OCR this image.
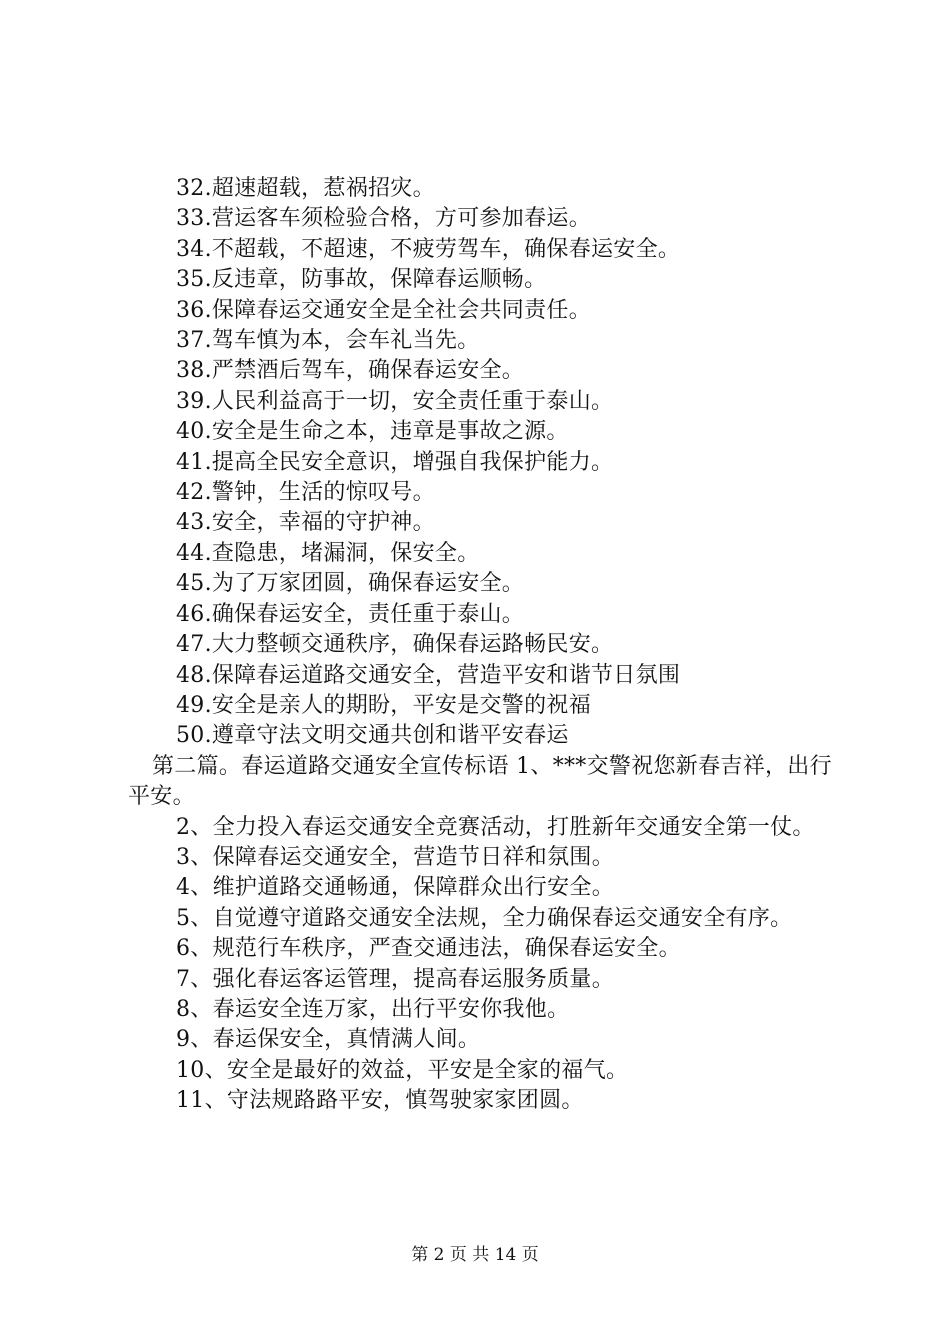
32.超速超载，惹祸招灾。
33.营运客车须检验合格，方可参加春运。
34.不超载，不超速，不疲劳驾车，确保春运安全。
35.反违章，防事故，保障春运顺畅。
36.保障春运交通安全是全社会共同责任。
37.驾车慎为本，会车礼当先。
38.严禁酒后驾车，确保春运安全。
39.人民利益高于一切，安全责任重于泰山。
40.安全是生命之本，违章是事故之源。
41.提高全民安全意识，增强自我保护能力。
42.警钟，生活的惊叹号。
43.安全，幸福的守护神。
44.查隐患，堵漏洞，保安全。
45.为了万家团圆，确保春运安全。
46.确保春运安全，责任重于泰山。
47.大力整顿交通秩序，确保春运路畅民安。
48.保障春运道路交通安全，营造平安和谐节日氛围
49.安全是亲人的期盼，平安是交警的祝福
50.遵章守法文明交通共创和谐平安春运
第二篇。春运道路交通安全宣传标语 1、***交警祝您新春吉祥，出行平安。
2、全力投入春运交通安全竞赛活动，打胜新年交通安全第一仗。
3、保障春运交通安全，营造节日祥和氛围。
4、维护道路交通畅通，保障群众出行安全。
5、自觉遵守道路交通安全法规，全力确保春运交通安全有序。
6、规范行车秩序，严查交通违法，确保春运安全。
7、强化春运客运管理，提高春运服务质量。
8、春运安全连万家，出行平安你我他。
9、春运保安全，真情满人间。
10、安全是最好的效益，平安是全家的福气。
11、守法规路路平安，慎驾驶家家团圆。
第 2 页 共 14 页
